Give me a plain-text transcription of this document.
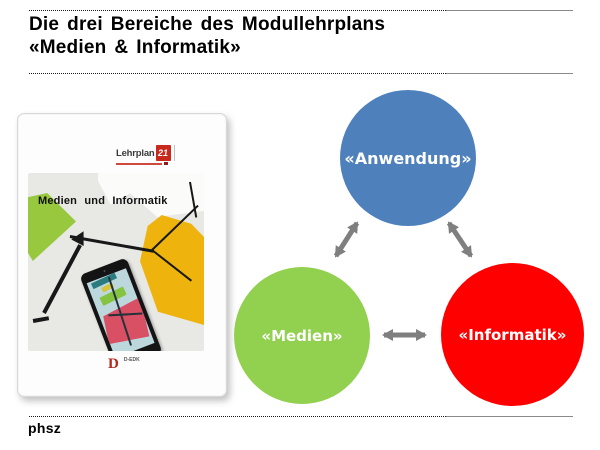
Die drei Bereiche des Modullehrplans
«Medien & Informatik»
Lehrplan 21
Medien und Informatik
D D-EDK
«Anwendung»
«Medien»	«Informatik»
phsz
